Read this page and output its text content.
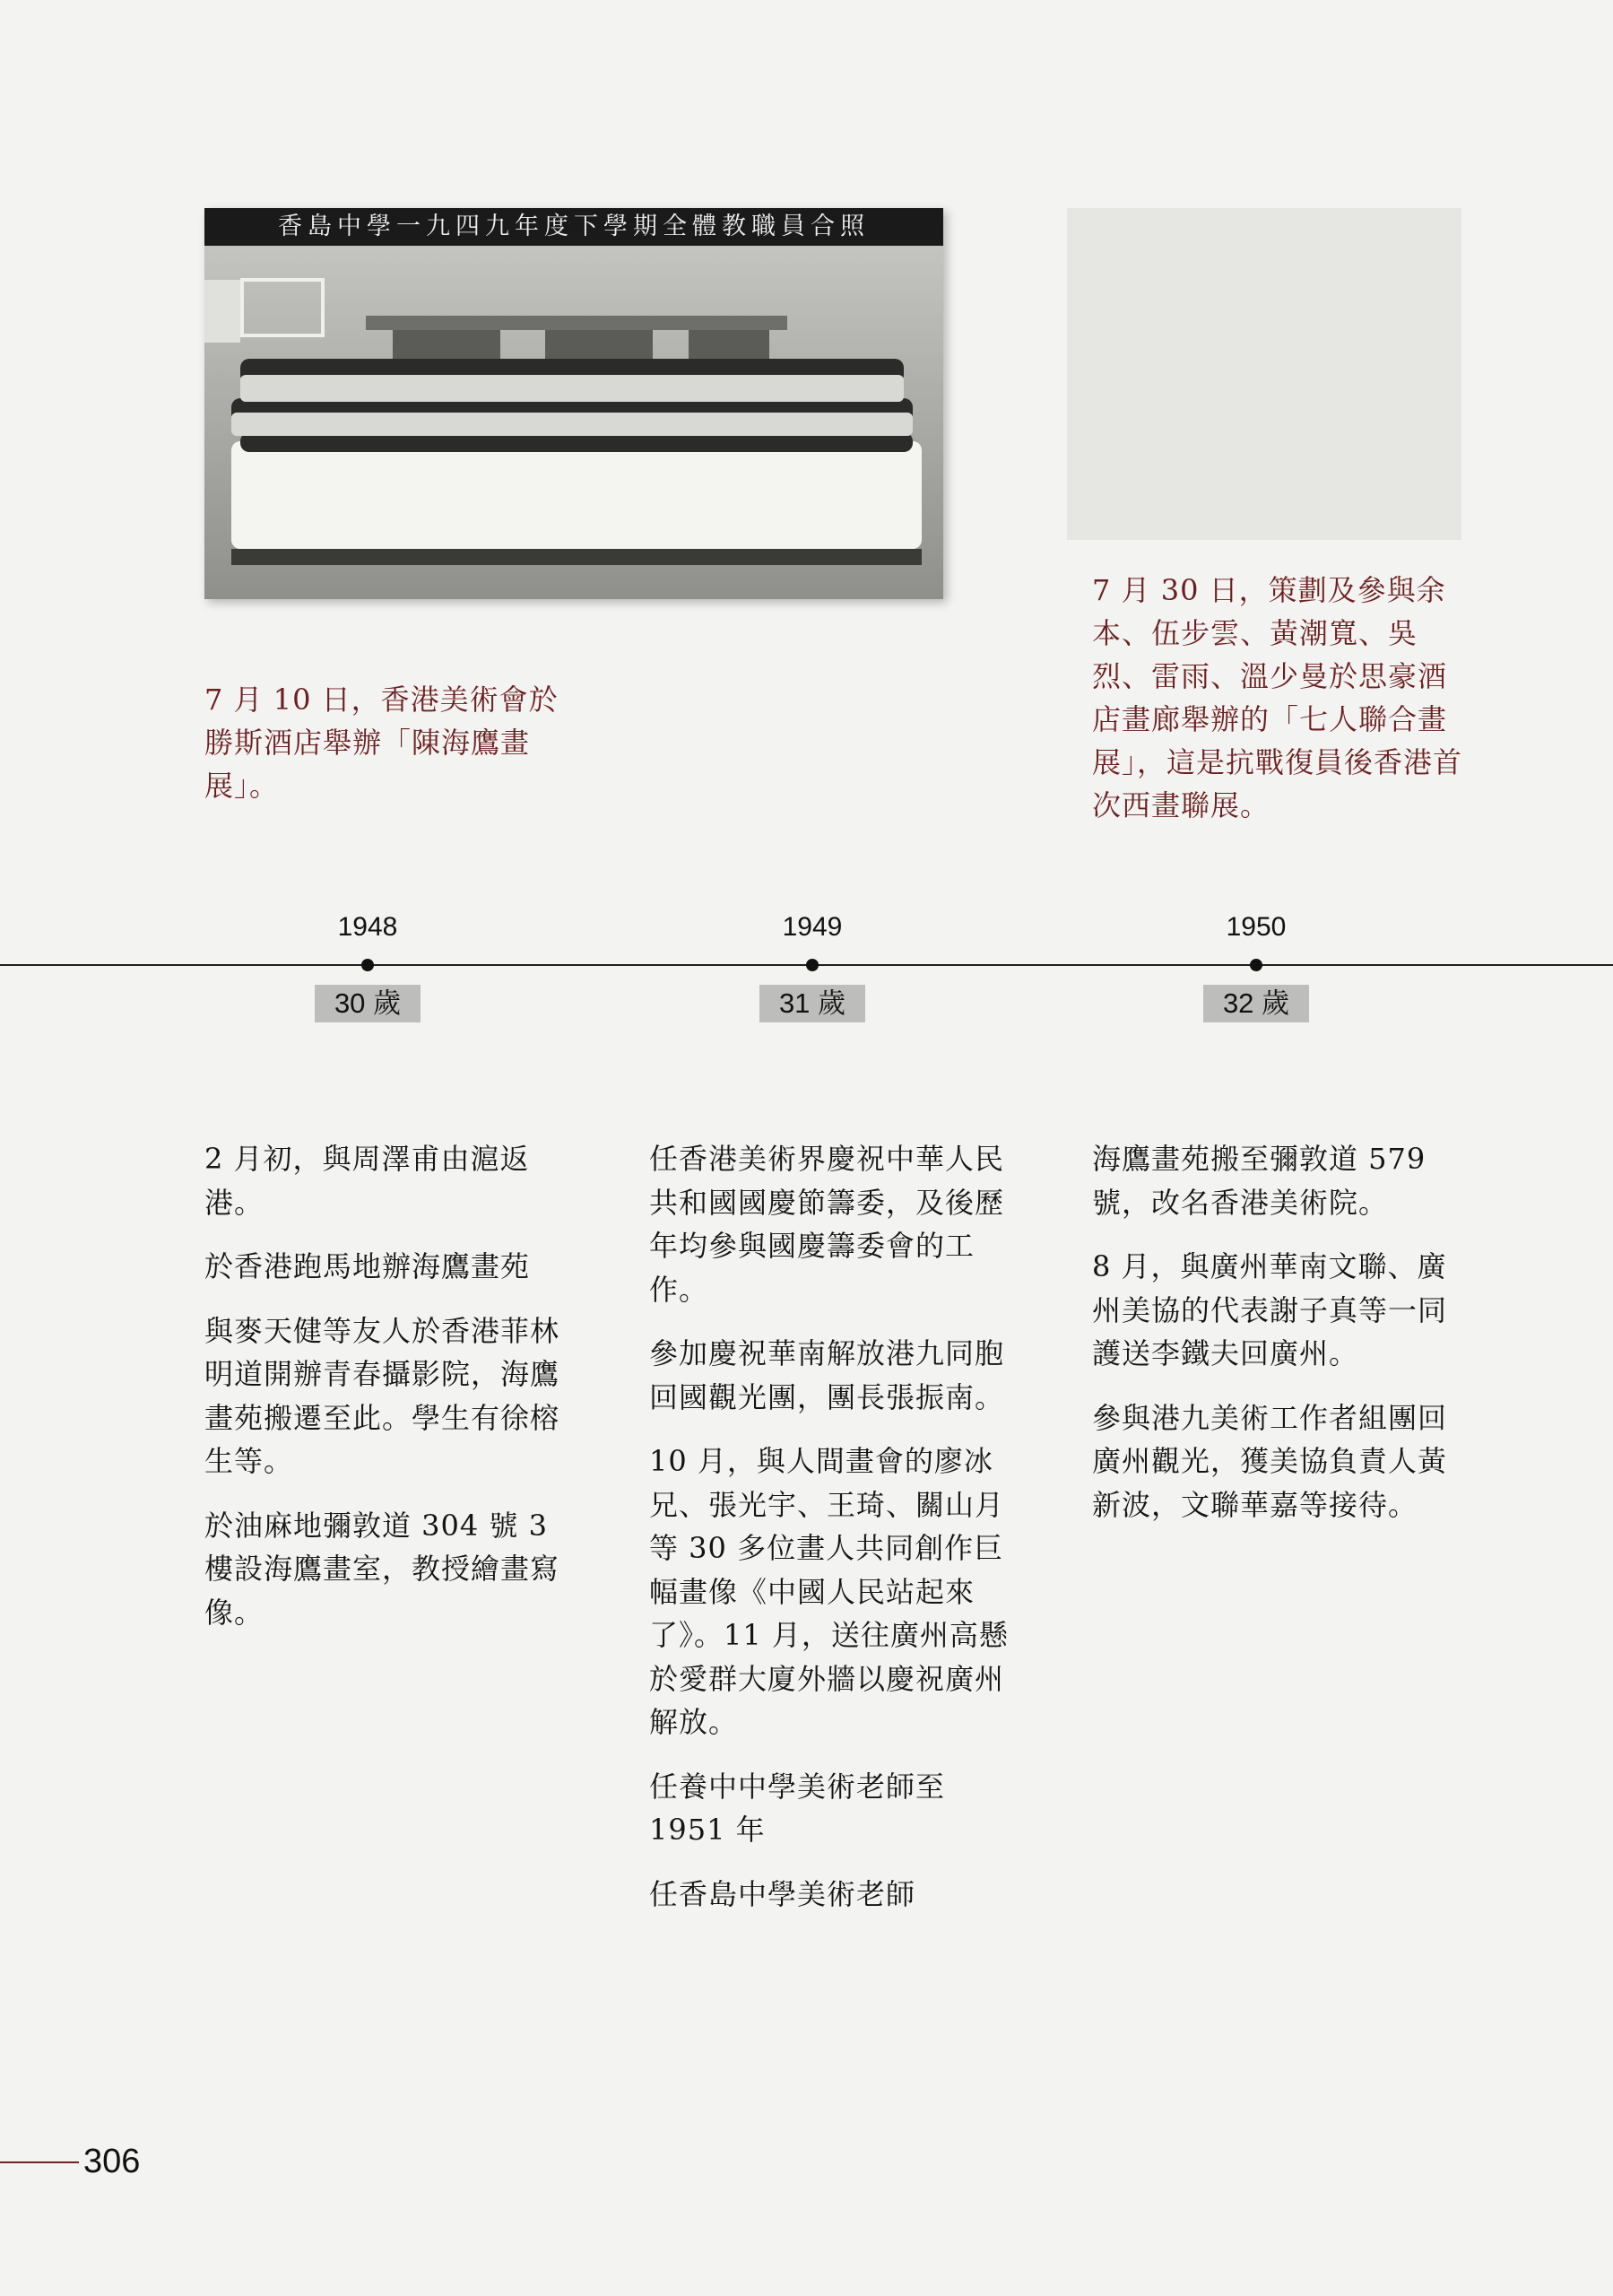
香島中學一九四九年度下學期全體教職員合照
7 月 10 日，香港美術會於勝斯酒店舉辦「陳海鷹畫展」。
7 月 30 日，策劃及參與余本、伍步雲、黃潮寬、吳烈、雷雨、溫少曼於思豪酒店畫廊舉辦的「七人聯合畫展」，這是抗戰復員後香港首次西畫聯展。
1948	1949	1950
30 歲	31 歲	32 歲

2 月初，與周澤甫由滬返港。

於香港跑馬地辦海鷹畫苑

與麥天健等友人於香港菲林明道開辦青春攝影院，海鷹畫苑搬遷至此。學生有徐榕生等。

於油麻地彌敦道 304 號 3 樓設海鷹畫室，教授繪畫寫像。

任香港美術界慶祝中華人民共和國國慶節籌委，及後歷年均參與國慶籌委會的工作。

參加慶祝華南解放港九同胞回國觀光團，團長張振南。

10 月，與人間畫會的廖冰兄、張光宇、王琦、關山月等 30 多位畫人共同創作巨幅畫像《中國人民站起來了》。11 月，送往廣州高懸於愛群大廈外牆以慶祝廣州解放。

任養中中學美術老師至 1951 年

任香島中學美術老師

海鷹畫苑搬至彌敦道 579 號，改名香港美術院。

8 月，與廣州華南文聯、廣州美協的代表謝子真等一同護送李鐵夫回廣州。

參與港九美術工作者組團回廣州觀光，獲美協負責人黃新波，文聯華嘉等接待。

306
